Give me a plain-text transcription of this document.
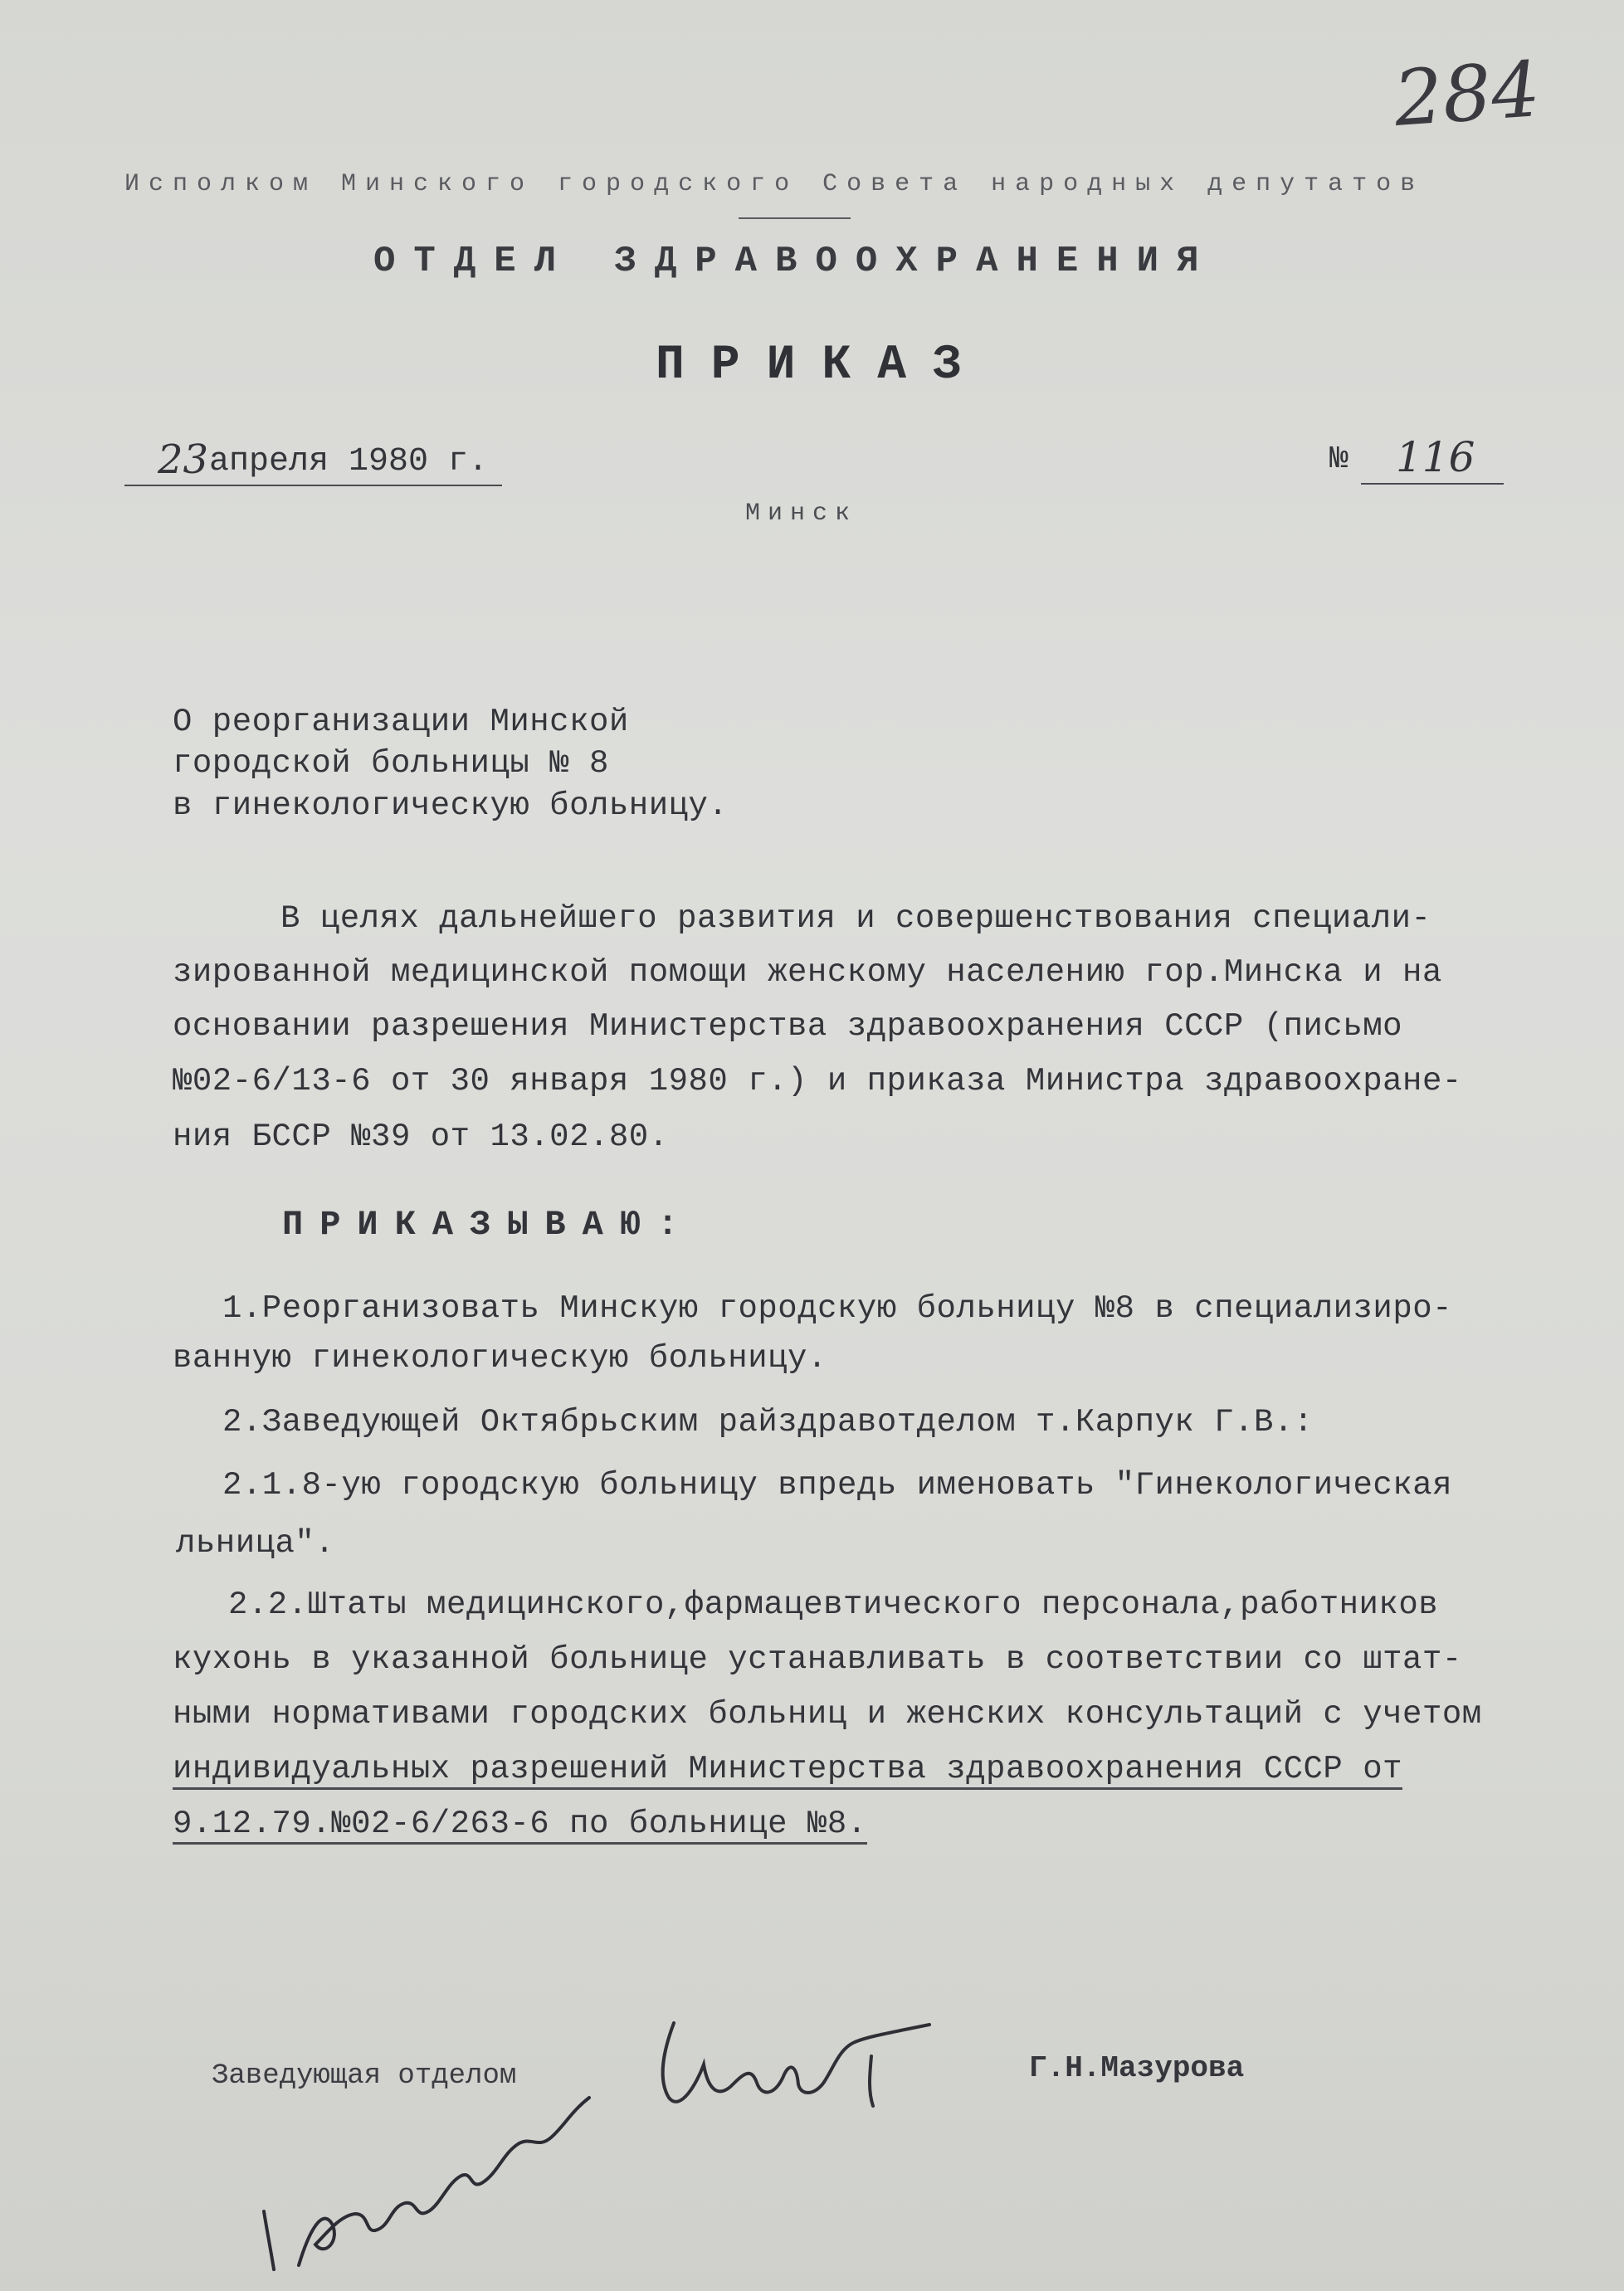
284
Исполком Минского городского Совета народных депутатов
ОТДЕЛ ЗДРАВООХРАНЕНИЯ
ПРИКАЗ
23 апреля 1980 г.	№ 116
Минск
О реорганизации Минской
городской больницы № 8
в гинекологическую больницу.
В целях дальнейшего развития и совершенствования специали-
зированной медицинской помощи женскому населению гор.Минска и на
основании разрешения Министерства здравоохранения СССР (письмо
№02-6/13-6 от 30 января 1980 г.) и приказа Министра здравоохране-
ния БССР №39 от 13.02.80.
ПРИКАЗЫВАЮ:
1.Реорганизовать Минскую городскую больницу №8 в специализиро-
ванную гинекологическую больницу.
2.Заведующей Октябрьским райздравотделом т.Карпук Г.В.:
2.1.8-ую городскую больницу впредь именовать "Гинекологическая
льница".
2.2.Штаты медицинского,фармацевтического персонала,работников
кухонь в указанной больнице устанавливать в соответствии со штат-
ными нормативами городских больниц и женских консультаций с учетом
индивидуальных разрешений Министерства здравоохранения СССР от
9.12.79.№02-6/263-6 по больнице №8.
Заведующая отделом	Г.Н.Мазурова
